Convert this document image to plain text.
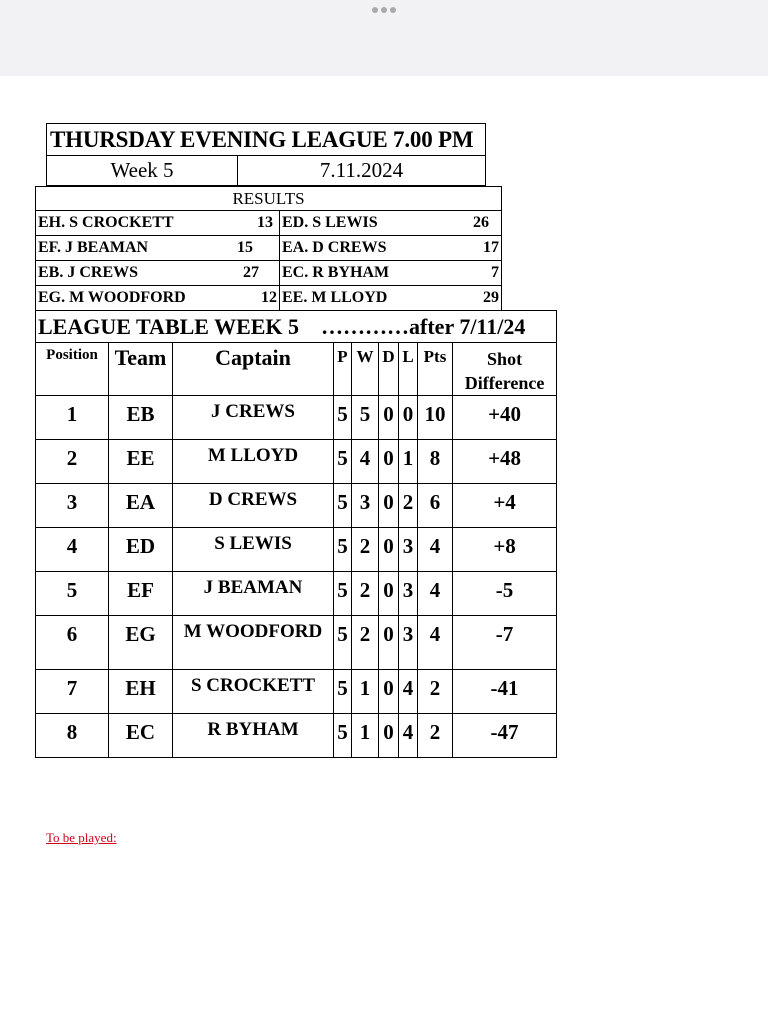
THURSDAY EVENING LEAGUE 7.00 PM
Week 5	7.11.2024
RESULTS	

EH. S CROCKETT 13	ED. S LEWIS 26

EF. J BEAMAN 15	EA. D CREWS 17

EB. J CREWS 27	EC. R BYHAM 7

EG. M WOODFORD 12	EE. M LLOYD 29
LEAGUE TABLE WEEK 5 …………after 7/11/24								
Position	Team	Captain	P	W	D	L	Pts	Shot Difference
1	EB	J CREWS	5	5	0	0	10	+40
2	EE	M LLOYD	5	4	0	1	8	+48
3	EA	D CREWS	5	3	0	2	6	+4
4	ED	S LEWIS	5	2	0	3	4	+8
5	EF	J BEAMAN	5	2	0	3	4	-5
6	EG	M WOODFORD	5	2	0	3	4	-7
7	EH	S CROCKETT	5	1	0	4	2	-41
8	EC	R BYHAM	5	1	0	4	2	-47
To be played:
